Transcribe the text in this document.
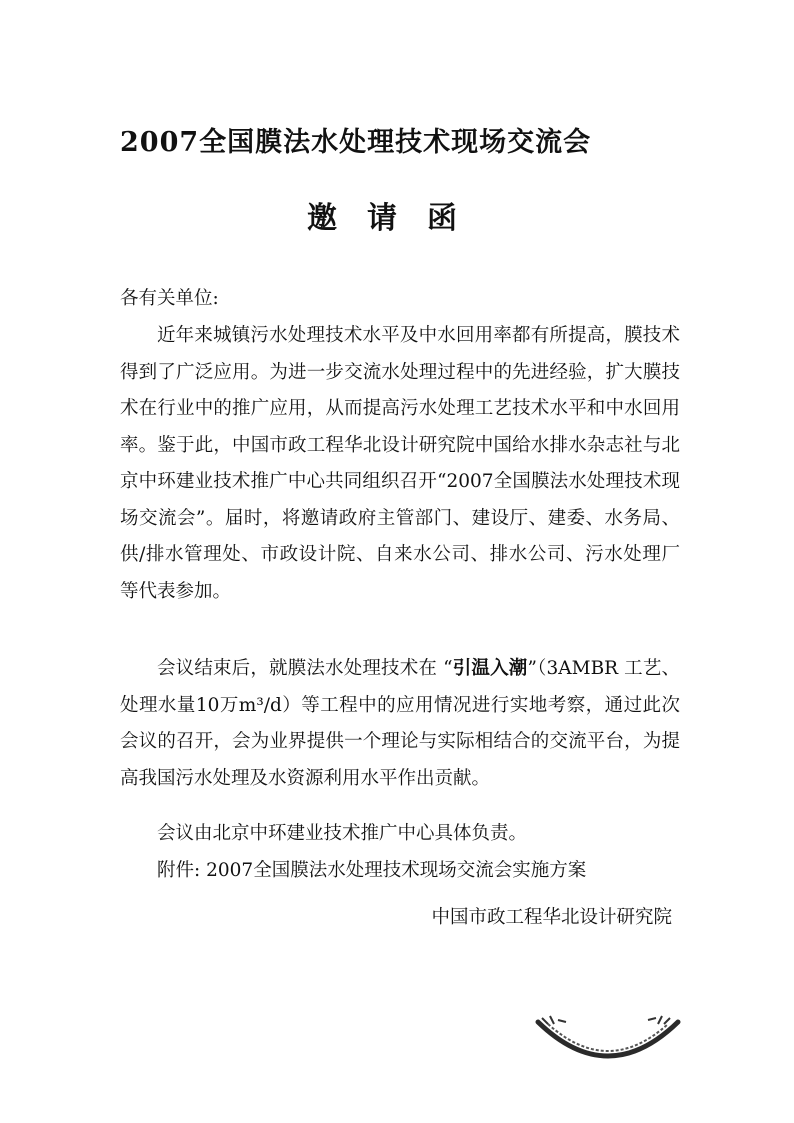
2007全国膜法水处理技术现场交流会
邀请函

各有关单位:

近年来城镇污水处理技术水平及中水回用率都有所提高，膜技术得到了广泛应用。为进一步交流水处理过程中的先进经验，扩大膜技术在行业中的推广应用，从而提高污水处理工艺技术水平和中水回用率。鉴于此，中国市政工程华北设计研究院中国给水排水杂志社与北京中环建业技术推广中心共同组织召开“2007全国膜法水处理技术现场交流会”。届时，将邀请政府主管部门、建设厅、建委、水务局、供/排水管理处、市政设计院、自来水公司、排水公司、污水处理厂等代表参加。

会议结束后，就膜法水处理技术在 “引温入潮”（3AMBR 工艺、处理水量10万m³/d）等工程中的应用情况进行实地考察，通过此次会议的召开，会为业界提供一个理论与实际相结合的交流平台，为提高我国污水处理及水资源利用水平作出贡献。

会议由北京中环建业技术推广中心具体负责。

附件: 2007全国膜法水处理技术现场交流会实施方案

中国市政工程华北设计研究院
